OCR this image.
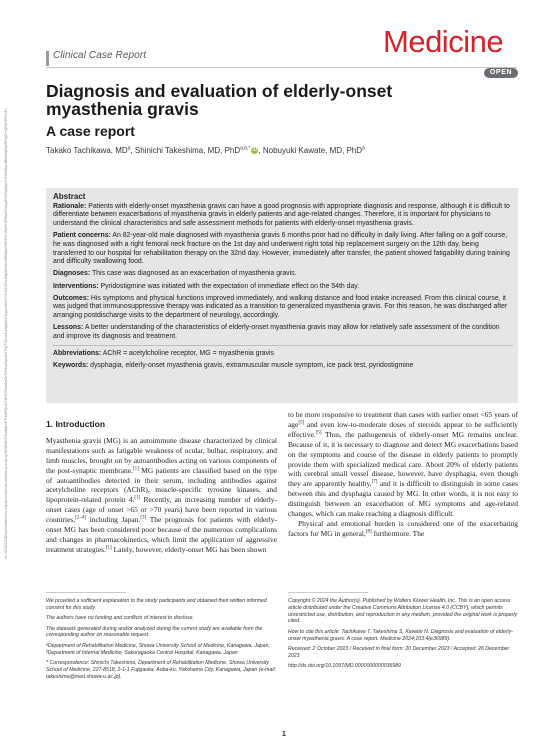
Downloaded from http://journals.lww.com/md-journal by Bh3MsE0ZTcd4QhoE7Nk8PQkUv7HHZ7Hhw5mDhTIO4m4Apx1eZ7WjT7ZcuiuDp5jbyNnK2ejqnc9mXiYdYxOJSIinuAfyO6VzCx3RBMjmhWDTiN+JBpS+DPBwVlVsQqJD1l/Gq8Upo0hFUWMpL4BbMJqMQxRFiqjU+eQXAYPfJ0uE=
on 02/28/2024
Clinical Case Report	Medicine
OPEN
Diagnosis and evaluation of elderly-onset myasthenia gravis
A case report
Takako Tachikawa, $MD^a$, Shinichi Takeshima, MD, PhD$^{a,b,*}$ iD, Nobuyuki Kawate, MD, PhD$^a$
Abstract

Rationale: Patients with elderly-onset myasthenia gravis can have a good prognosis with appropriate diagnosis and response, although it is difficult to differentiate between exacerbations of myasthenia gravis in elderly patients and age-related changes. Therefore, it is important for physicians to understand the clinical characteristics and safe assessment methods for patients with elderly-onset myasthenia gravis.

Patient concerns: An 82-year-old male diagnosed with myasthenia gravis 6 months prior had no difficulty in daily living. After falling on a golf course, he was diagnosed with a right femoral neck fracture on the 1st day and underwent right total hip replacement surgery on the 12th day, being transferred to our hospital for rehabilitation therapy on the 32nd day. However, immediately after transfer, the patient showed fatigability during training and difficulty swallowing food.

Diagnoses: This case was diagnosed as an exacerbation of myasthenia gravis.

Interventions: Pyridostigmine was initiated with the expectation of immediate effect on the 54th day.

Outcomes: His symptoms and physical functions improved immediately, and walking distance and food intake increased. From this clinical course, it was judged that immunosuppressive therapy was indicated as a transition to generalized myasthenia gravis. For this reason, he was discharged after arranging postdischarge visits to the department of neurology, accordingly.

Lessons: A better understanding of the characteristics of elderly-onset myasthenia gravis may allow for relatively safe assessment of the condition and improve its diagnosis and treatment.

Abbreviations: AChR = acetylcholine receptor, MG = myasthenia gravis

Keywords: dysphagia, elderly-onset myasthenia gravis, extramuscular muscle symptom, ice pack test, pyridostigmine

1. Introduction

Myasthenia gravis (MG) is an autoimmune disease characterized by clinical manifestations such as fatigable weakness of ocular, bulbar, respiratory, and limb muscles, brought on by autoantibodies acting on various components of the post-synaptic membrane.[1] MG patients are classified based on the type of autoantibodies detected in their serum, including antibodies against acetylcholine receptors (AChR), muscle-specific tyrosine kinases, and lipoprotein-related protein 4.[1] Recently, an increasing number of elderly-onset cases (age of onset >65 or >70 years) have been reported in various countries,[2–4] including Japan.[3] The prognosis for patients with elderly-onset MG has been considered poor because of the numerous complications and changes in pharmacokinetics, which limit the application of aggressive treatment strategies.[1] Lately, however, elderly-onset MG has been shown

to be more responsive to treatment than cases with earlier onset <65 years of age[5] and even low-to-moderate doses of steroids appear to be sufficiently effective.[5] Thus, the pathogenesis of elderly-onset MG remains unclear. Because of it, it is necessary to diagnose and detect MG exacerbations based on the symptoms and course of the disease in elderly patients to promptly provide them with specialized medical care. About 20% of elderly patients with cerebral small vessel disease, however, have dysphagia, even though they are apparently healthy,[7] and it is difficult to distinguish in some cases between this and dysphagia caused by MG. In other words, it is not easy to distinguish between an exacerbation of MG symptoms and age-related changes, which can make reaching a diagnosis difficult.

Physical and emotional burden is considered one of the exacerbating factors for MG in general,[8] furthermore. The

We provided a sufficient explanation to the study participants and obtained their written informed consent for this study.

The authors have no funding and conflicts of interest to disclose.

The datasets generated during and/or analyzed during the current study are available from the corresponding author on reasonable request.

ᵃDepartment of Rehabilitation Medicine, Showa University School of Medicine, Kanagawa, Japan, ᵇDepartment of Internal Medicine, Sakuragaoka Central Hospital, Kanagawa, Japan

* Correspondence: Shinichi Takeshima, Department of Rehabilitation Medicine, Showa University School of Medicine, 227-8518, 2-1-1 Fujigaoka, Aoba-ku, Yokohama City, Kanagawa, Japan (e-mail: takeshima@med.showa-u.ac.jp).

Copyright © 2024 the Author(s). Published by Wolters Kluwer Health, Inc. This is an open access article distributed under the Creative Commons Attribution License 4.0 (CCBY), which permits unrestricted use, distribution, and reproduction in any medium, provided the original work is properly cited.

How to cite this article: Tachikawa T, Takeshima S, Kawate N. Diagnosis and evaluation of elderly-onset myasthenia gravis: A case report. Medicine 2024;103:4(e36989).

Received: 2 October 2023 / Received in final form: 20 December 2023 / Accepted: 26 December 2023

http://dx.doi.org/10.1097/MD.0000000000036989

1
